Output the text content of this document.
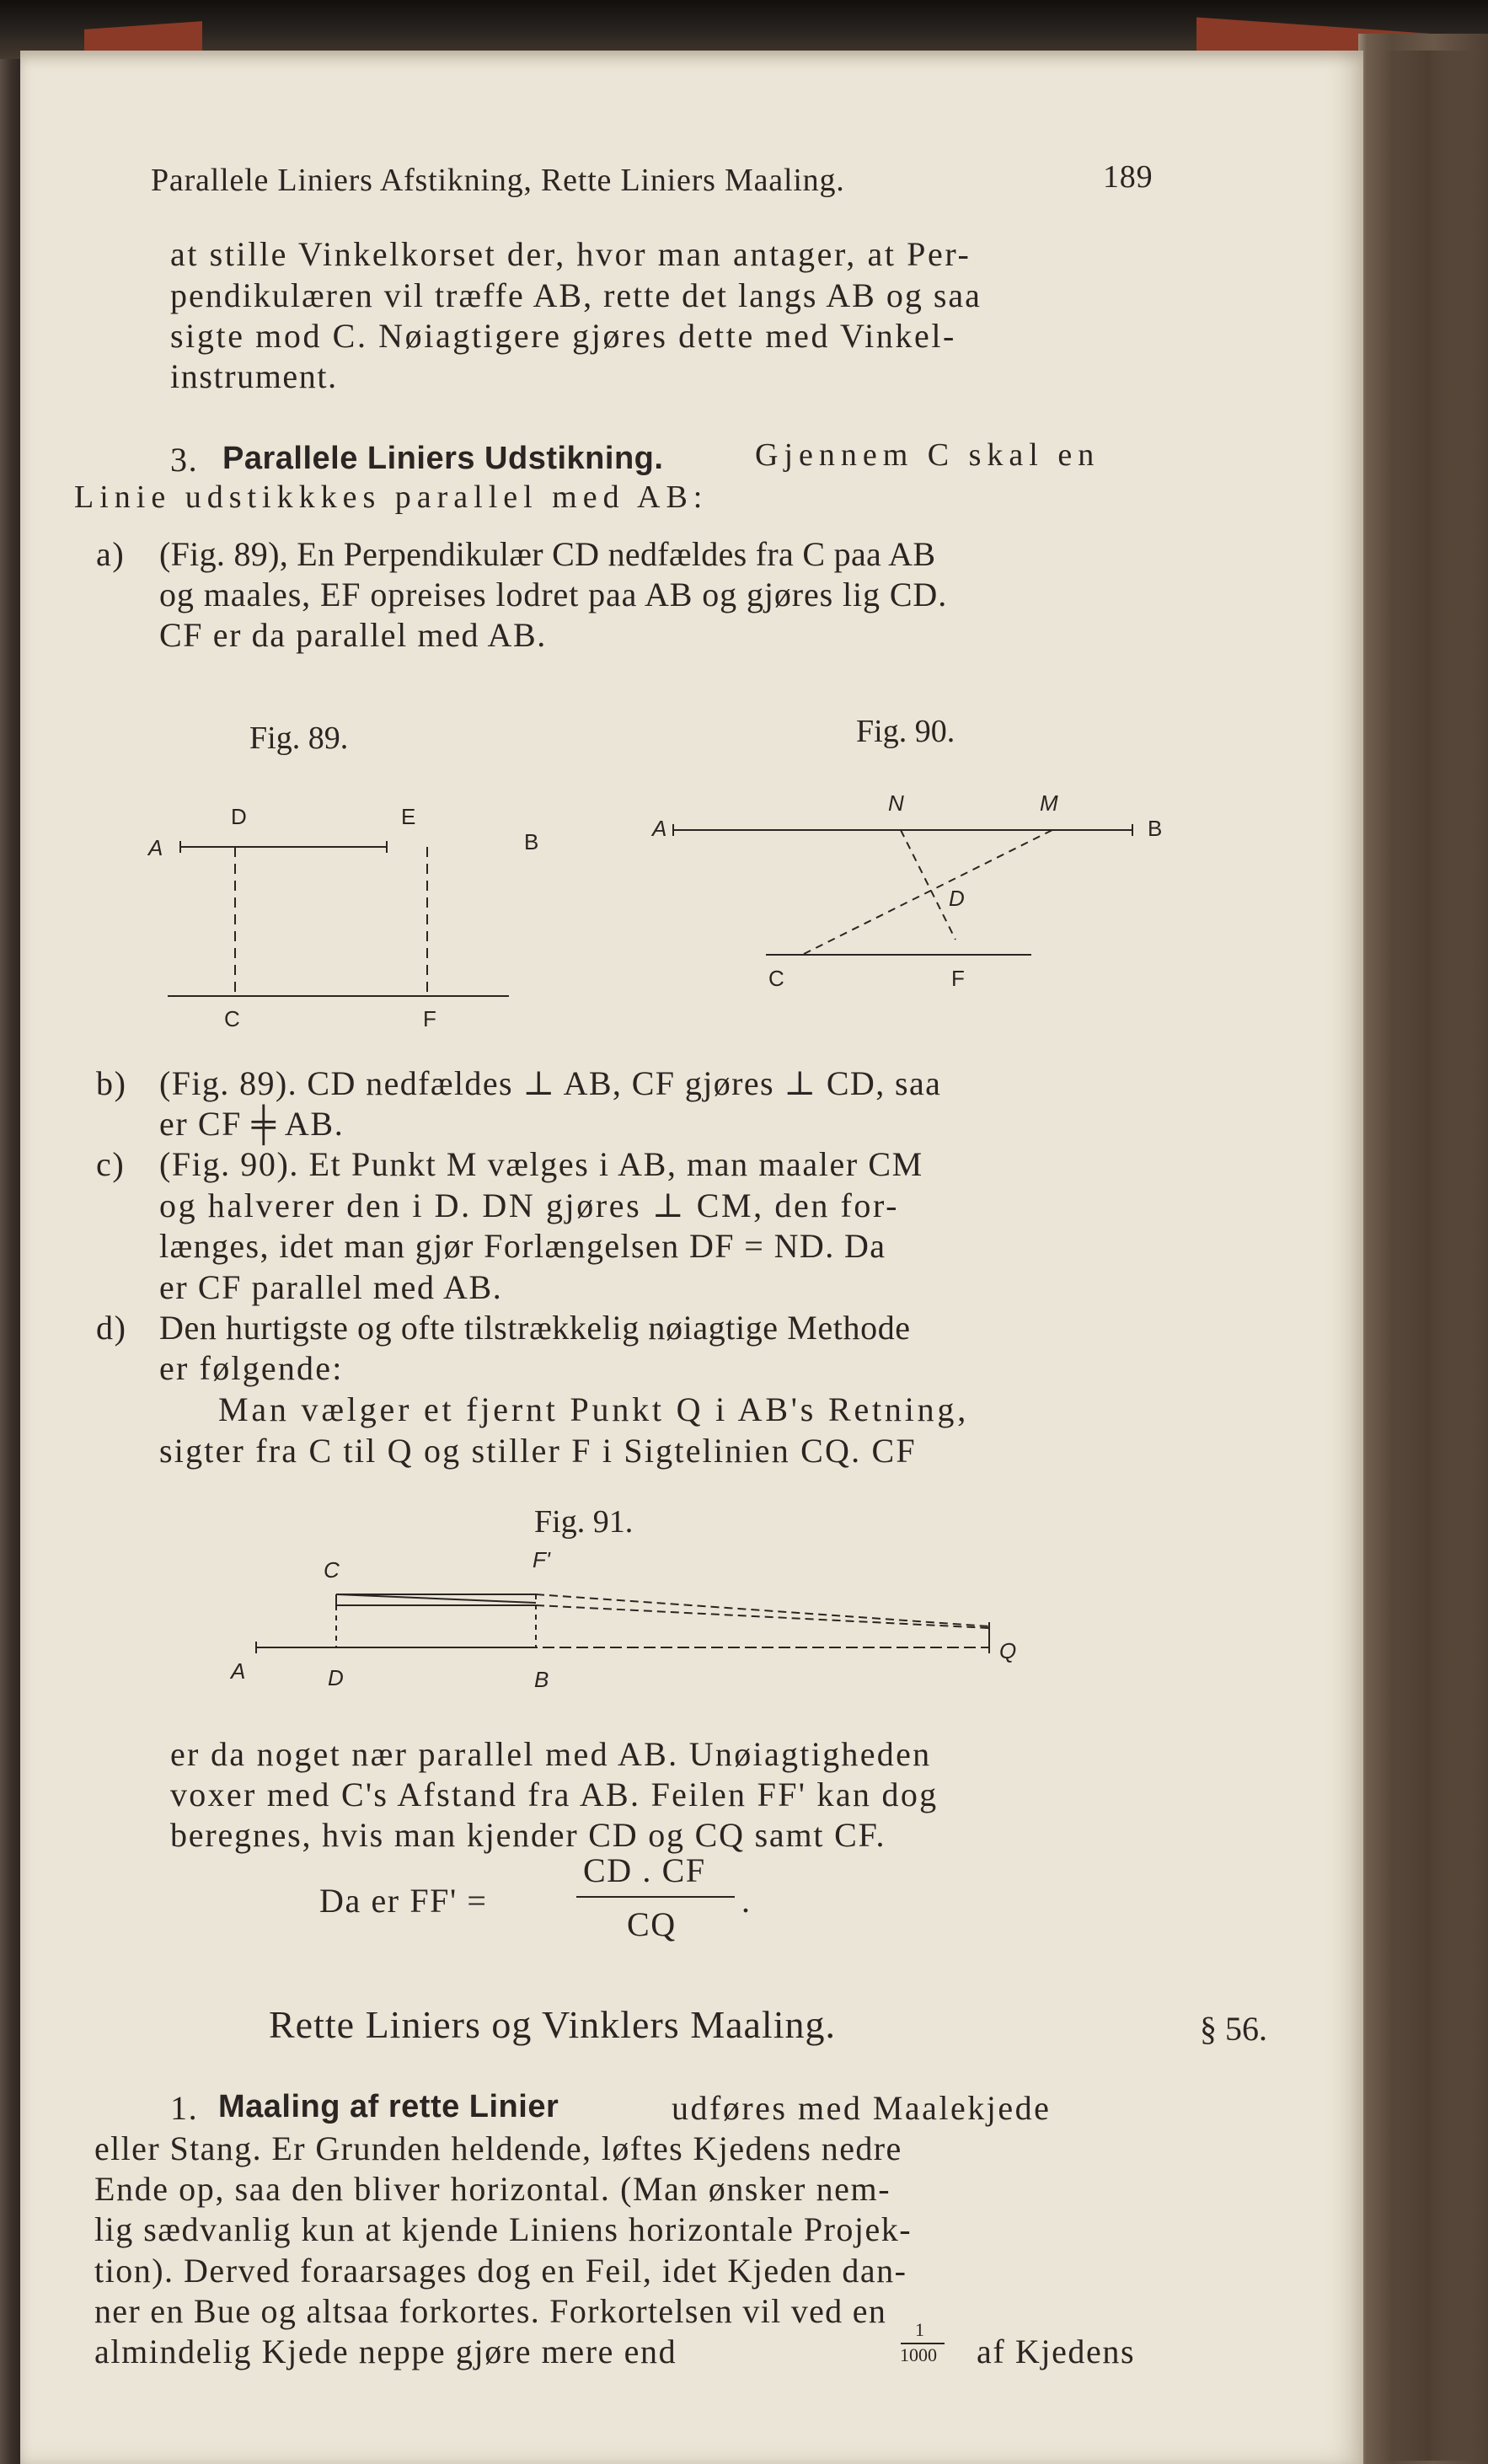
Parallele Liniers Afstikning, Rette Liniers Maaling.	189
at stille Vinkelkorset der, hvor man antager, at Per-
pendikulæren vil træffe AB, rette det langs AB og saa
sigte mod C. Nøiagtigere gjøres dette med Vinkel-
instrument.
3. Parallele Liniers Udstikning.	Gjennem C skal en
Linie udstikkkes parallel med AB:
a) (Fig. 89), En Perpendikulær CD nedfældes fra C paa AB
og maales, EF opreises lodret paa AB og gjøres lig CD.
CF er da parallel med AB.
Fig. 89.
A
D	E
B
C	F
Fig. 90.
A
N	M
B
D
C	F
b) (Fig. 89). CD nedfældes ⊥ AB, CF gjøres ⊥ CD, saa
er CF ╪ AB.
c) (Fig. 90). Et Punkt M vælges i AB, man maaler CM
og halverer den i D. DN gjøres ⊥ CM, den for-
længes, idet man gjør Forlængelsen DF = ND. Da
er CF parallel med AB.
d) Den hurtigste og ofte tilstrækkelig nøiagtige Methode
er følgende:
Man vælger et fjernt Punkt Q i AB's Retning,
sigter fra C til Q og stiller F i Sigtelinien CQ. CF
Fig. 91.
C	F'
A	D	B
Q
er da noget nær parallel med AB. Unøiagtigheden
voxer med C's Afstand fra AB. Feilen FF' kan dog
beregnes, hvis man kjender CD og CQ samt CF.
Da er FF' =
CD . CF
CQ
.
Rette Liniers og Vinklers Maaling.	§ 56.
1. Maaling af rette Linier	udføres med Maalekjede
eller Stang. Er Grunden heldende, løftes Kjedens nedre
Ende op, saa den bliver horizontal. (Man ønsker nem-
lig sædvanlig kun at kjende Liniens horizontale Projek-
tion). Derved foraarsages dog en Feil, idet Kjeden dan-
ner en Bue og altsaa forkortes. Forkortelsen vil ved en
almindelig Kjede neppe gjøre mere end
1
1000 af Kjedens
